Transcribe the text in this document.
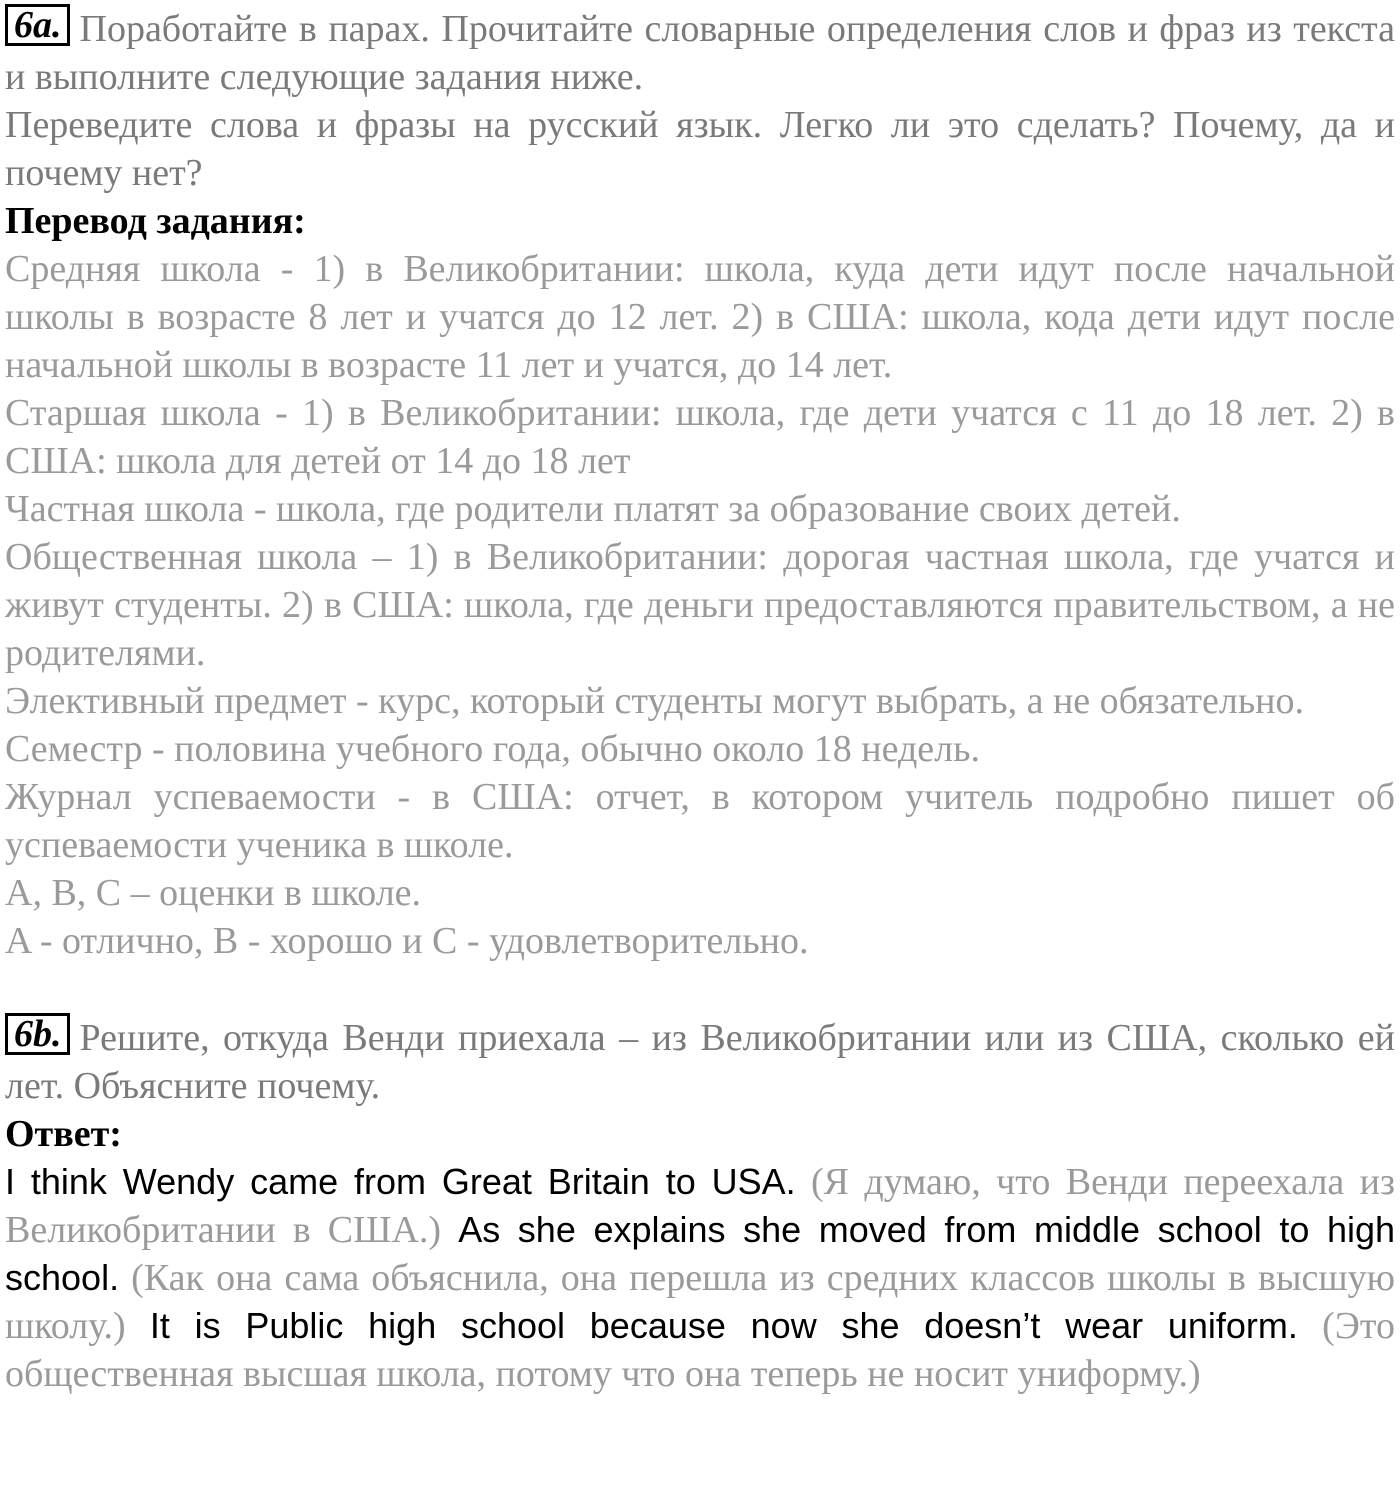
6a. Поработайте в парах. Прочитайте словарные определения слов и фраз из текста и выполните следующие задания ниже.

Переведите слова и фразы на русский язык. Легко ли это сделать? Почему, да и почему нет?

Перевод задания:

Средняя школа - 1) в Великобритании: школа, куда дети идут после начальной школы в возрасте 8 лет и учатся до 12 лет. 2) в США: школа, кода дети идут после начальной школы в возрасте 11 лет и учатся, до 14 лет.

Старшая школа - 1) в Великобритании: школа, где дети учатся с 11 до 18 лет. 2) в США: школа для детей от 14 до 18 лет

Частная школа - школа, где родители платят за образование своих детей.

Общественная школа – 1) в Великобритании: дорогая частная школа, где учатся и живут студенты. 2) в США: школа, где деньги предоставляются правительством, а не родителями.

Элективный предмет - курс, который студенты могут выбрать, а не обязательно.

Семестр - половина учебного года, обычно около 18 недель.

Журнал успеваемости - в США: отчет, в котором учитель подробно пишет об успеваемости ученика в школе.

A, B, C – оценки в школе.

A - отлично, B - хорошо и C - удовлетворительно.

6b. Решите, откуда Венди приехала – из Великобритании или из США, сколько ей лет. Объясните почему.

Ответ:

I think Wendy came from Great Britain to USA. (Я думаю, что Венди переехала из Великобритании в США.) As she explains she moved from middle school to high school. (Как она сама объяснила, она перешла из средних классов школы в высшую школу.) It is Public high school because now she doesn’t wear uniform. (Это общественная высшая школа, потому что она теперь не носит униформу.)
